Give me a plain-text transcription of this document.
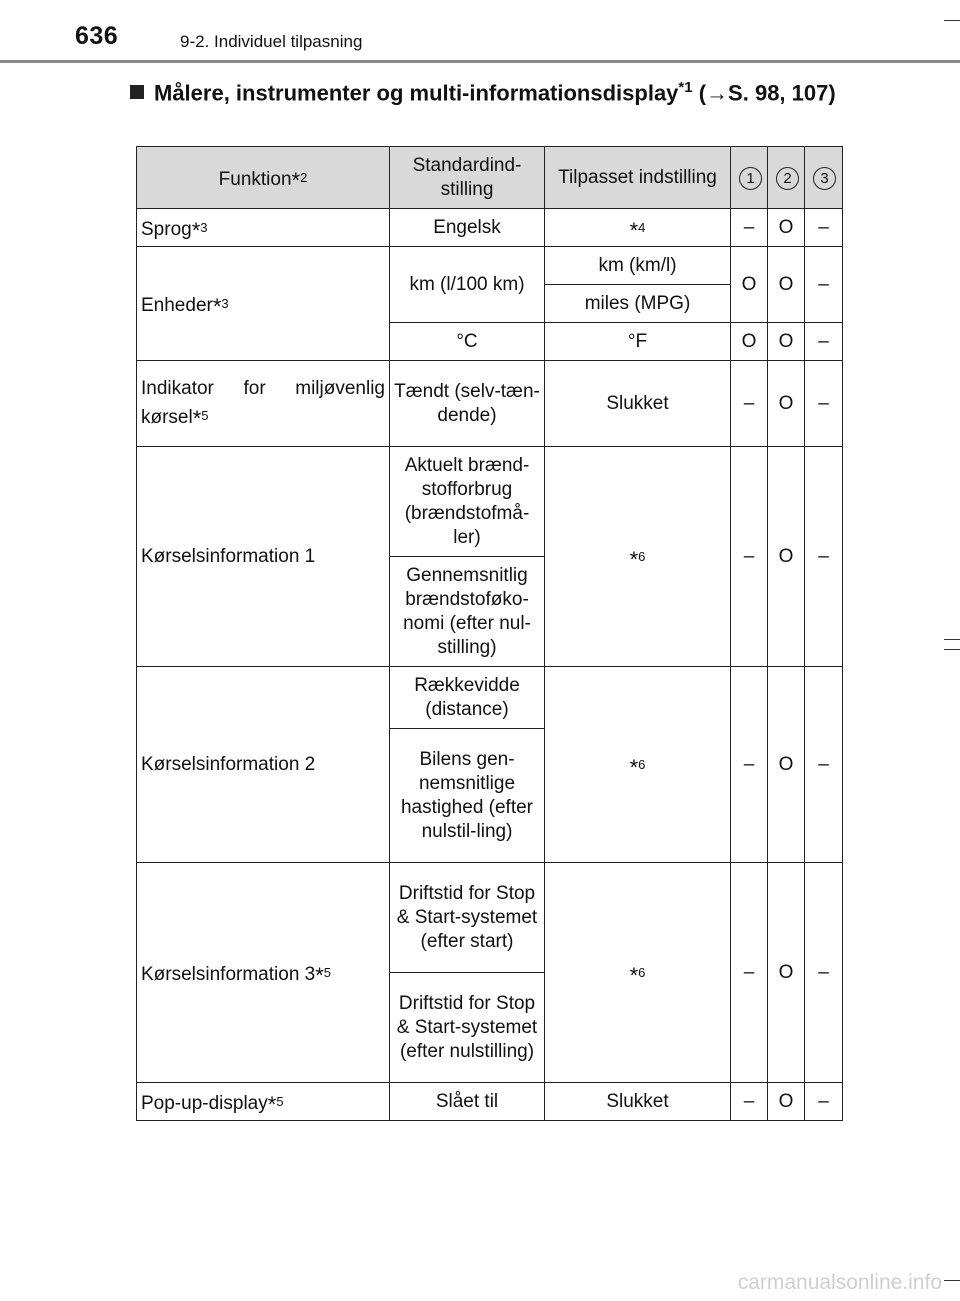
636	9-2. Individuel tilpasning
Målere, instrumenter og multi-informationsdisplay$^{*1}$ (→S. 98, 107)
Funktion*$^2$	Standardind-stilling	Tilpasset indstilling	1	2	3
Sprog*$^3$	Engelsk	*$^4$	–	O	–
Enheder*$^3$	km (l/100 km)	km (km/l)	O	O	–
		miles (MPG)			
	°C	°F	O	O	–
Indikator for miljøvenlig kørsel*$^5$	Tændt (selv-tæn-dende)	Slukket	–	O	–
Kørselsinformation 1	Aktuelt brænd-stofforbrug (brændstofmå-ler)	*$^6$	–	O	–
	Gennemsnitlig brændstoføko-nomi (efter nul-stilling)				
Kørselsinformation 2	Rækkevidde (distance)	*$^6$	–	O	–
	Bilens gen-nemsnitlige hastighed (efter nulstil-ling)				
Kørselsinformation 3*$^5$	Driftstid for Stop & Start-systemet (efter start)	*$^6$	–	O	–
	Driftstid for Stop & Start-systemet (efter nulstilling)				
Pop-up-display*$^5$	Slået til	Slukket	–	O	–
carmanualsonline.info
